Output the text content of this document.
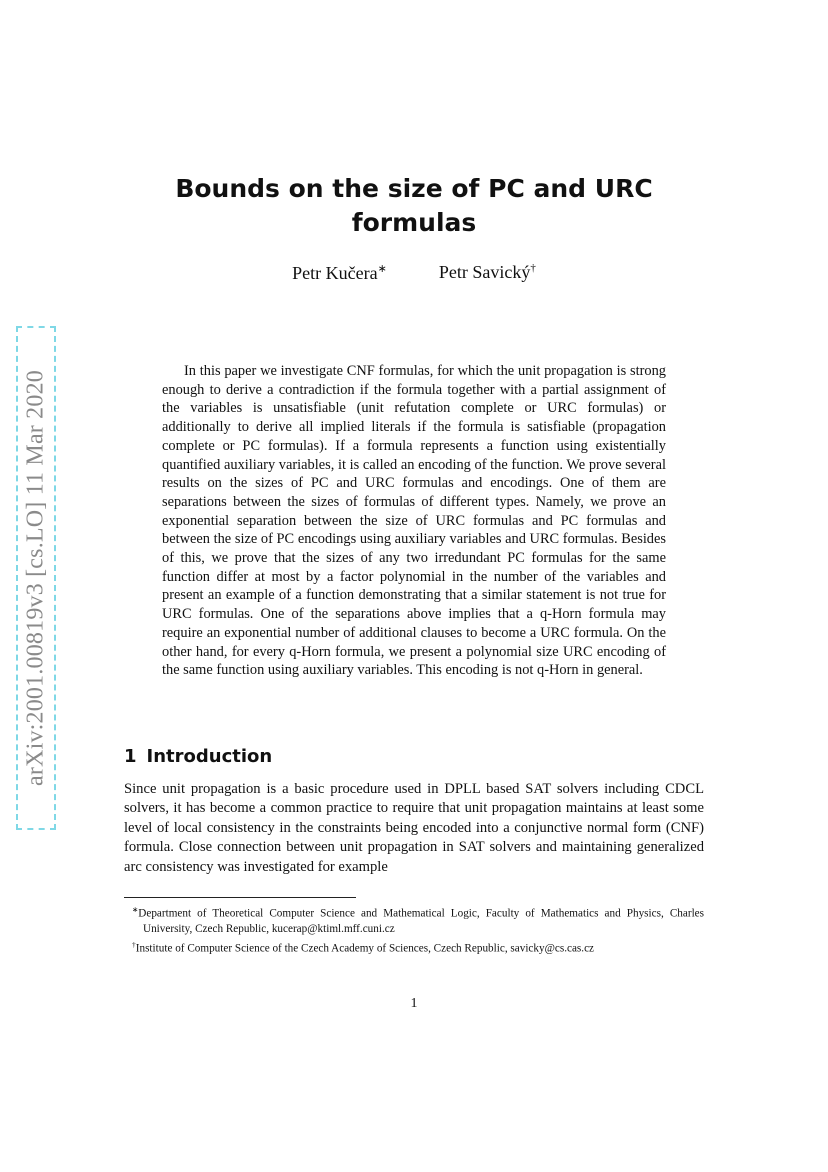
arXiv:2001.00819v3 [cs.LO] 11 Mar 2020
Bounds on the size of PC and URC formulas
Petr Kučera∗	Petr Savický†

In this paper we investigate CNF formulas, for which the unit propagation is strong enough to derive a contradiction if the formula together with a partial assignment of the variables is unsatisfiable (unit refutation complete or URC formulas) or additionally to derive all implied literals if the formula is satisfiable (propagation complete or PC formulas). If a formula represents a function using existentially quantified auxiliary variables, it is called an encoding of the function. We prove several results on the sizes of PC and URC formulas and encodings. One of them are separations between the sizes of formulas of different types. Namely, we prove an exponential separation between the size of URC formulas and PC formulas and between the size of PC encodings using auxiliary variables and URC formulas. Besides of this, we prove that the sizes of any two irredundant PC formulas for the same function differ at most by a factor polynomial in the number of the variables and present an example of a function demonstrating that a similar statement is not true for URC formulas. One of the separations above implies that a q-Horn formula may require an exponential number of additional clauses to become a URC formula. On the other hand, for every q-Horn formula, we present a polynomial size URC encoding of the same function using auxiliary variables. This encoding is not q-Horn in general.

1 Introduction

Since unit propagation is a basic procedure used in DPLL based SAT solvers including CDCL solvers, it has become a common practice to require that unit propagation maintains at least some level of local consistency in the constraints being encoded into a conjunctive normal form (CNF) formula. Close connection between unit propagation in SAT solvers and maintaining generalized arc consistency was investigated for example

∗Department of Theoretical Computer Science and Mathematical Logic, Faculty of Mathematics and Physics, Charles University, Czech Republic, kucerap@ktiml.mff.cuni.cz

†Institute of Computer Science of the Czech Academy of Sciences, Czech Republic, savicky@cs.cas.cz

1
